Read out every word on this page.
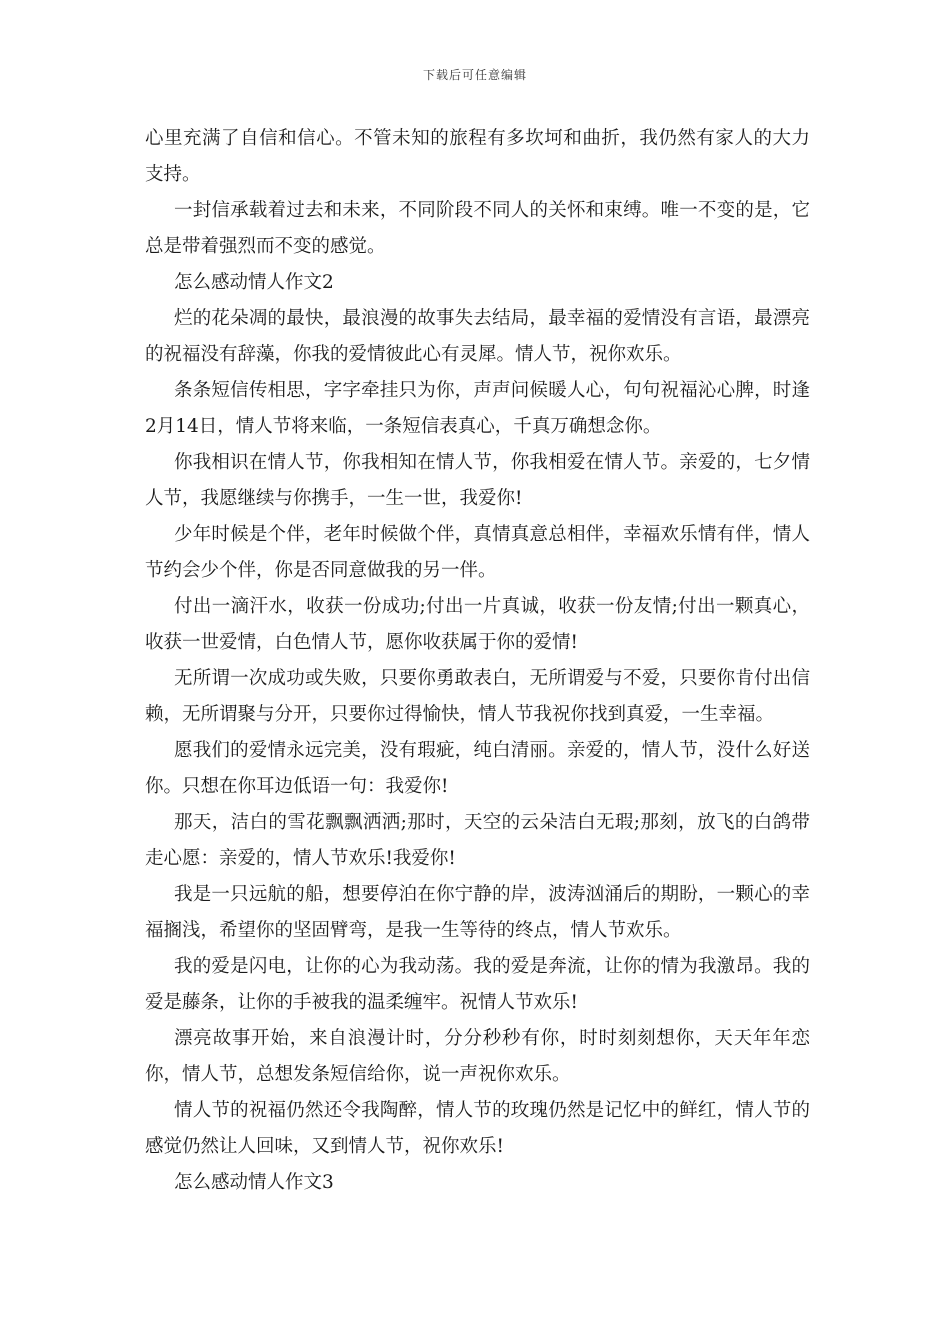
下载后可任意编辑

心里充满了自信和信心。不管未知的旅程有多坎坷和曲折，我仍然有家人的大力支持。

一封信承载着过去和未来，不同阶段不同人的关怀和束缚。唯一不变的是，它总是带着强烈而不变的感觉。

怎么感动情人作文2

烂的花朵凋的最快，最浪漫的故事失去结局，最幸福的爱情没有言语，最漂亮的祝福没有辞藻，你我的爱情彼此心有灵犀。情人节，祝你欢乐。

条条短信传相思，字字牵挂只为你，声声问候暖人心，句句祝福沁心脾，时逢2月14日，情人节将来临，一条短信表真心，千真万确想念你。

你我相识在情人节，你我相知在情人节，你我相爱在情人节。亲爱的，七夕情人节，我愿继续与你携手，一生一世，我爱你!

少年时候是个伴，老年时候做个伴，真情真意总相伴，幸福欢乐情有伴，情人节约会少个伴，你是否同意做我的另一伴。

付出一滴汗水，收获一份成功;付出一片真诚，收获一份友情;付出一颗真心，收获一世爱情，白色情人节，愿你收获属于你的爱情!

无所谓一次成功或失败，只要你勇敢表白，无所谓爱与不爱，只要你肯付出信赖，无所谓聚与分开，只要你过得愉快，情人节我祝你找到真爱，一生幸福。

愿我们的爱情永远完美，没有瑕疵，纯白清丽。亲爱的，情人节，没什么好送你。只想在你耳边低语一句：我爱你!

那天，洁白的雪花飘飘洒洒;那时，天空的云朵洁白无瑕;那刻，放飞的白鸽带走心愿：亲爱的，情人节欢乐!我爱你!

我是一只远航的船，想要停泊在你宁静的岸，波涛汹涌后的期盼，一颗心的幸福搁浅，希望你的坚固臂弯，是我一生等待的终点，情人节欢乐。

我的爱是闪电，让你的心为我动荡。我的爱是奔流，让你的情为我激昂。我的爱是藤条，让你的手被我的温柔缠牢。祝情人节欢乐!

漂亮故事开始，来自浪漫计时，分分秒秒有你，时时刻刻想你，天天年年恋你，情人节，总想发条短信给你，说一声祝你欢乐。

情人节的祝福仍然还令我陶醉，情人节的玫瑰仍然是记忆中的鲜红，情人节的感觉仍然让人回味，又到情人节，祝你欢乐!

怎么感动情人作文3
